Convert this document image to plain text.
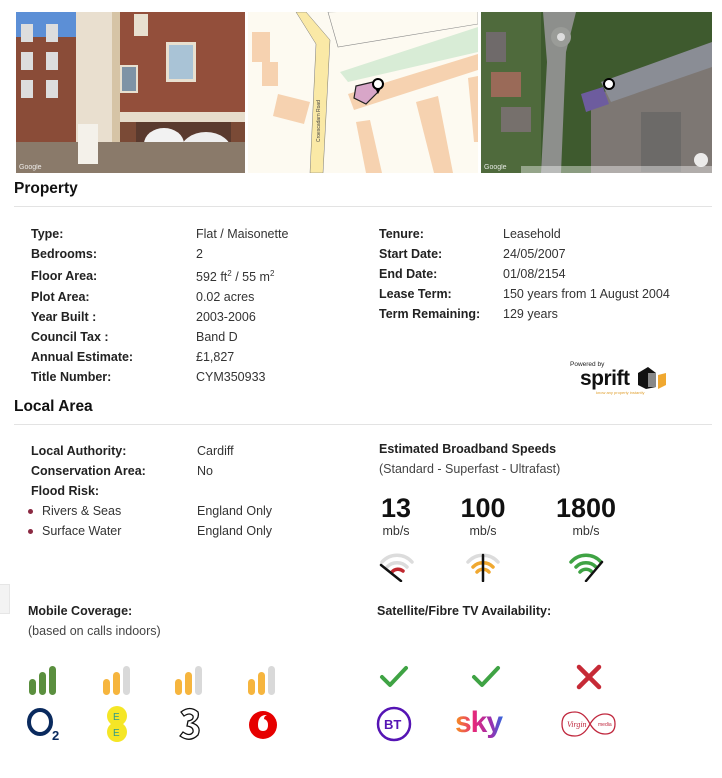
Google
Croescadarn Road
Google
Property
Type:	Flat / Maisonette
Bedrooms:	2
Floor Area:	592 $ft^2 / 55$ $m^2$
Plot Area:	0.02 acres
Year Built :	2003-2006
Council Tax :	Band D
Annual Estimate:	£1,827
Title Number:	CYM350933
Tenure:	Leasehold
Start Date:	24/05/2007
End Date:	01/08/2154
Lease Term:	150 years from 1 August 2004
Term Remaining:	129 years
Powered by
sprift
know any property instantly
Local Area
Local Authority:	Cardiff
Conservation Area:	No
Flood Risk:
Rivers & Seas	England Only
Surface Water	England Only
Estimated Broadband Speeds
(Standard - Superfast - Ultrafast)
13
mb/s
100
mb/s
1800
mb/s
Mobile Coverage:
(based on calls indoors)
2
E
E
Satellite/Fibre TV Availability:
BT sky	Virgin media
